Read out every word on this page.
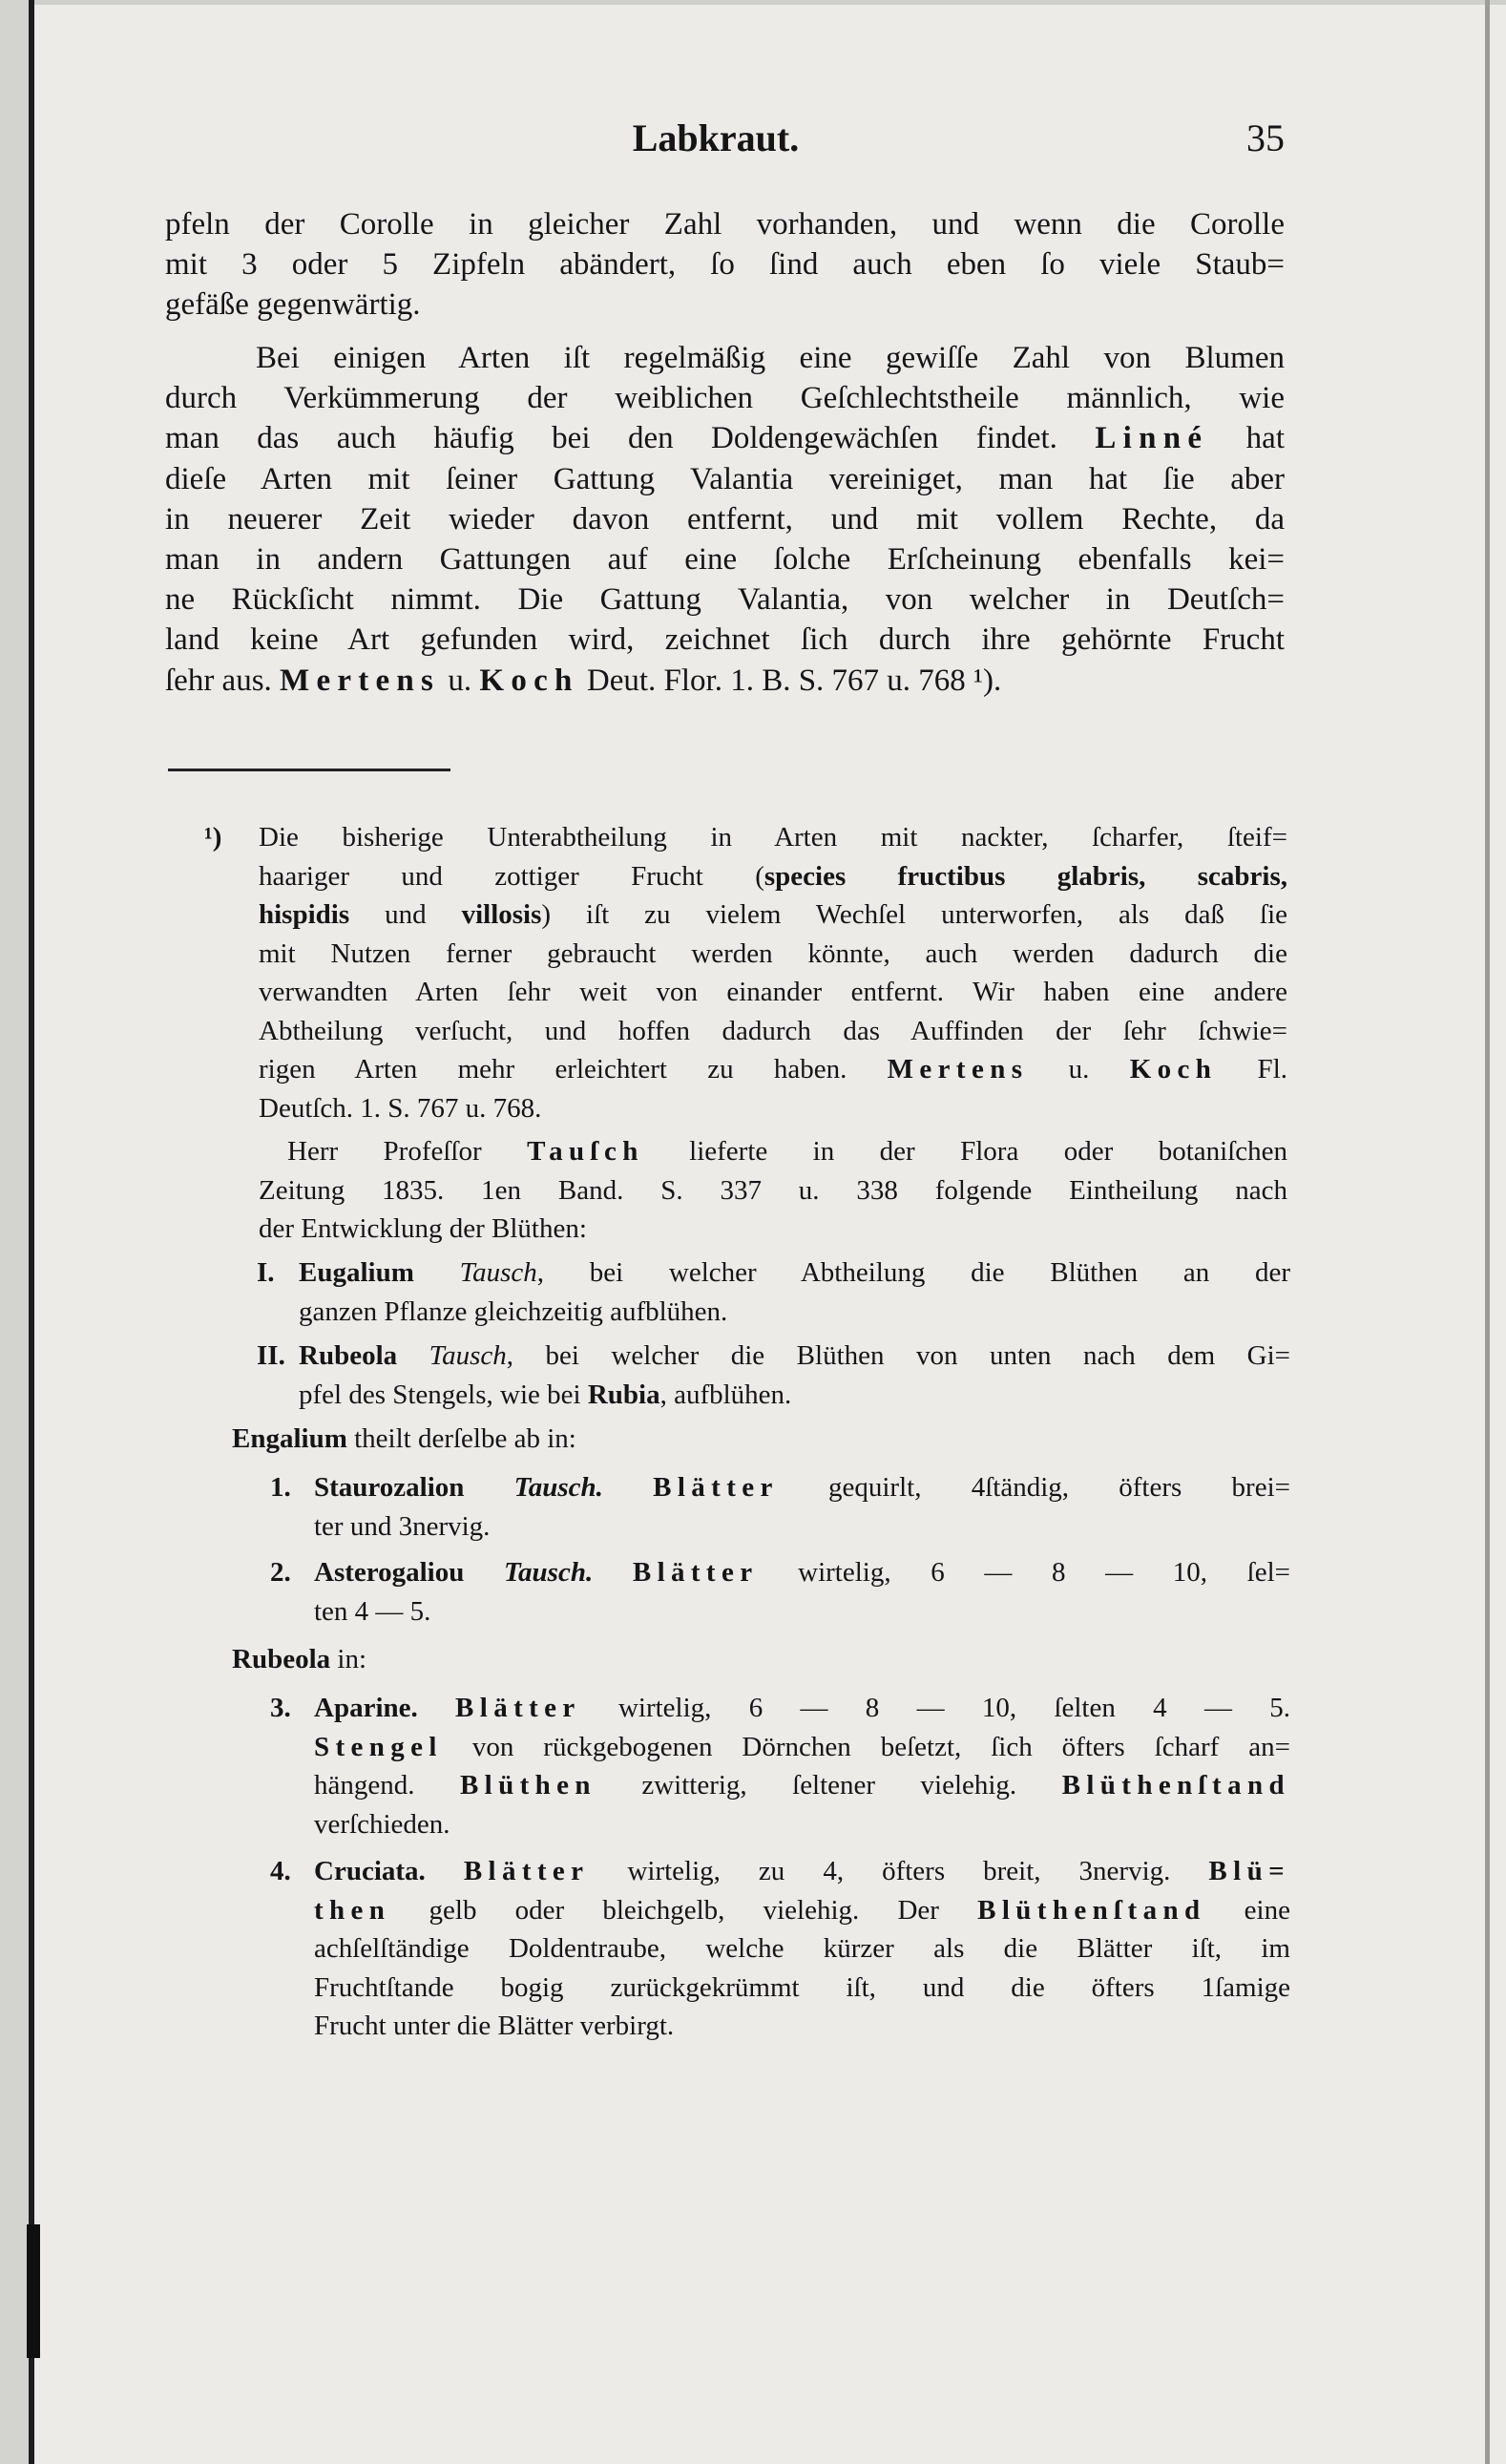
Labkraut.	35
pfeln der Corolle in gleicher Zahl vorhanden, und wenn die Corolle
mit 3 oder 5 Zipfeln abändert, ſo ſind auch eben ſo viele Staub=
gefäße gegenwärtig.
Bei einigen Arten iſt regelmäßig eine gewiſſe Zahl von Blumen
durch Verkümmerung der weiblichen Geſchlechtstheile männlich, wie
man das auch häufig bei den Doldengewächſen findet. Linné hat
dieſe Arten mit ſeiner Gattung Valantia vereiniget, man hat ſie aber
in neuerer Zeit wieder davon entfernt, und mit vollem Rechte, da
man in andern Gattungen auf eine ſolche Erſcheinung ebenfalls kei=
ne Rückſicht nimmt. Die Gattung Valantia, von welcher in Deutſch=
land keine Art gefunden wird, zeichnet ſich durch ihre gehörnte Frucht
ſehr aus. Mertens u. Koch Deut. Flor. 1. B. S. 767 u. 768 ¹).
¹) Die bisherige Unterabtheilung in Arten mit nackter, ſcharfer, ſteif=
haariger und zottiger Frucht (species fructibus glabris, scabris,
hispidis und villosis) iſt zu vielem Wechſel unterworfen, als daß ſie
mit Nutzen ferner gebraucht werden könnte, auch werden dadurch die
verwandten Arten ſehr weit von einander entfernt. Wir haben eine andere
Abtheilung verſucht, und hoffen dadurch das Auffinden der ſehr ſchwie=
rigen Arten mehr erleichtert zu haben. Mertens u. Koch Fl.
Deutſch. 1. S. 767 u. 768.
Herr Profeſſor Tauſch lieferte in der Flora oder botaniſchen
Zeitung 1835. 1en Band. S. 337 u. 338 folgende Eintheilung nach
der Entwicklung der Blüthen:
I. Eugalium Tausch, bei welcher Abtheilung die Blüthen an der
ganzen Pflanze gleichzeitig aufblühen.
II. Rubeola Tausch, bei welcher die Blüthen von unten nach dem Gi=
pfel des Stengels, wie bei Rubia, aufblühen.
Engalium theilt derſelbe ab in:
1. Staurozalion Tausch. Blätter gequirlt, 4ſtändig, öfters brei=
ter und 3nervig.
2. Asterogaliou Tausch. Blätter wirtelig, 6 — 8 — 10, ſel=
ten 4 — 5.
Rubeola in:
3. Aparine. Blätter wirtelig, 6 — 8 — 10, ſelten 4 — 5.
Stengel von rückgebogenen Dörnchen beſetzt, ſich öfters ſcharf an=
hängend. Blüthen zwitterig, ſeltener vielehig. Blüthenſtand
verſchieden.
4. Cruciata. Blätter wirtelig, zu 4, öfters breit, 3nervig. Blü=
then gelb oder bleichgelb, vielehig. Der Blüthenſtand eine
achſelſtändige Doldentraube, welche kürzer als die Blätter iſt, im
Fruchtſtande bogig zurückgekrümmt iſt, und die öfters 1ſamige
Frucht unter die Blätter verbirgt.
